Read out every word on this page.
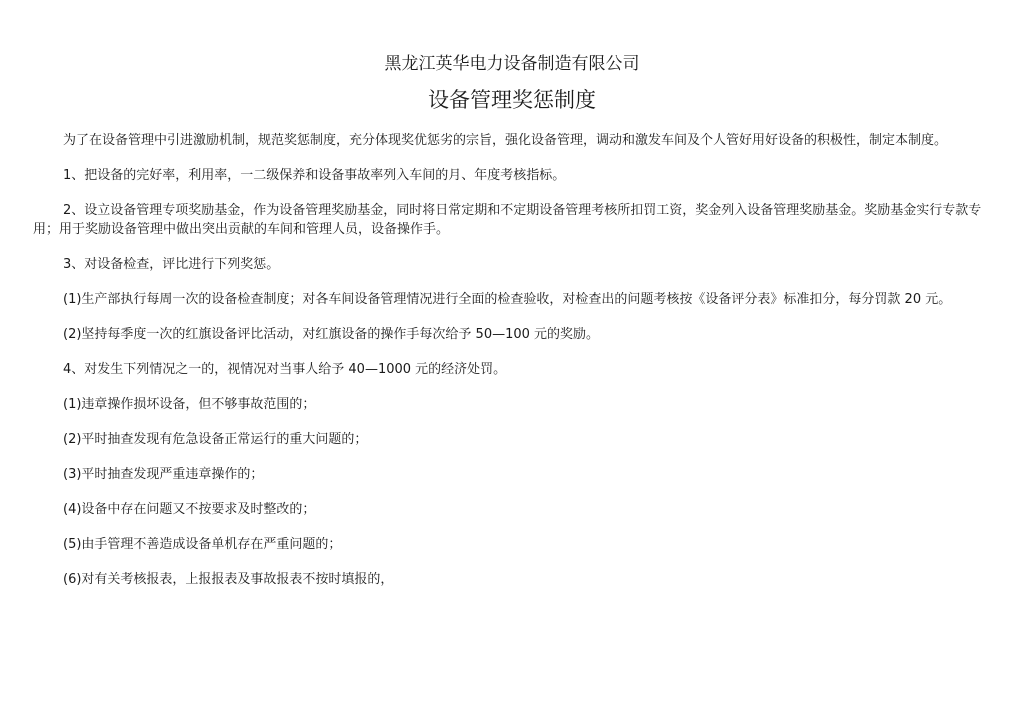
黑龙江英华电力设备制造有限公司
设备管理奖惩制度

为了在设备管理中引进激励机制，规范奖惩制度，充分体现奖优惩劣的宗旨，强化设备管理，调动和激发车间及个人管好用好设备的积极性，制定本制度。

1、把设备的完好率，利用率，一二级保养和设备事故率列入车间的月、年度考核指标。

2、设立设备管理专项奖励基金，作为设备管理奖励基金，同时将日常定期和不定期设备管理考核所扣罚工资，奖金列入设备管理奖励基金。奖励基金实行专款专用；用于奖励设备管理中做出突出贡献的车间和管理人员，设备操作手。

3、对设备检查，评比进行下列奖惩。

(1)生产部执行每周一次的设备检查制度；对各车间设备管理情况进行全面的检查验收，对检查出的问题考核按《设备评分表》标准扣分，每分罚款 20 元。

(2)坚持每季度一次的红旗设备评比活动，对红旗设备的操作手每次给予 50—100 元的奖励。

4、对发生下列情况之一的，视情况对当事人给予 40—1000 元的经济处罚。

(1)违章操作损坏设备，但不够事故范围的；

(2)平时抽查发现有危急设备正常运行的重大问题的；

(3)平时抽查发现严重违章操作的；

(4)设备中存在问题又不按要求及时整改的；

(5)由手管理不善造成设备单机存在严重问题的；

(6)对有关考核报表，上报报表及事故报表不按时填报的，
